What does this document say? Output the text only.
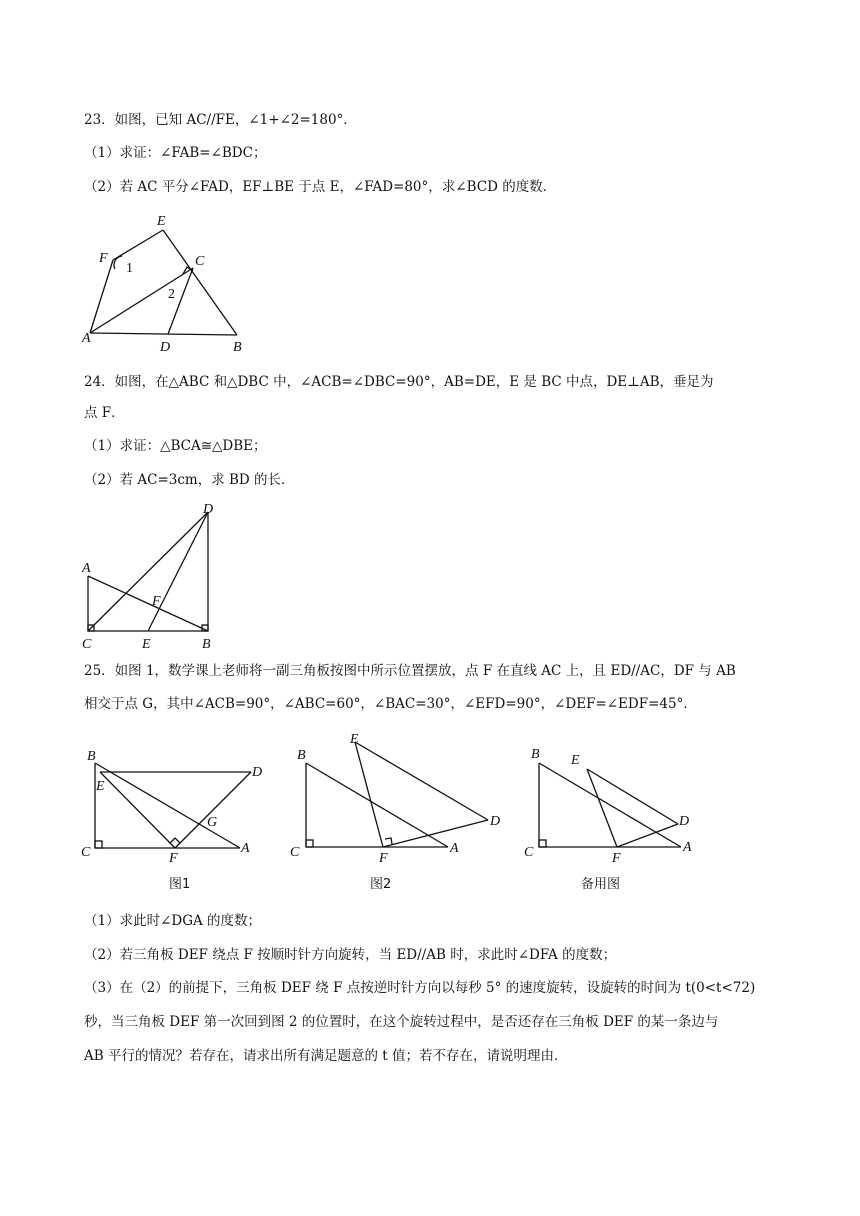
23．如图，已知 AC//FE，∠1+∠2=180°．
（1）求证：∠FAB=∠BDC；
（2）若 AC 平分∠FAD，EF⊥BE 于点 E，∠FAD=80°，求∠BCD 的度数．
E
F
1	C
2
A
D	B
24．如图，在△ABC 和△DBC 中，∠ACB=∠DBC=90°，AB=DE，E 是 BC 中点，DE⊥AB，垂足为
点 F．
（1）求证：△BCA≅△DBE；
（2）若 AC=3cm，求 BD 的长．
D
A
F
C	E	B
25．如图 1，数学课上老师将一副三角板按图中所示位置摆放，点 F 在直线 AC 上，且 ED//AC，DF 与 AB
相交于点 G，其中∠ACB=90°，∠ABC=60°，∠BAC=30°，∠EFD=90°，∠DEF=∠EDF=45°．
B
E
D
G
C	F
A
图1
B
E
D
C	F
A
图2
B E
D
C	F
A
备用图
（1）求此时∠DGA 的度数；
（2）若三角板 DEF 绕点 F 按顺时针方向旋转，当 ED//AB 时，求此时∠DFA 的度数；
（3）在（2）的前提下，三角板 DEF 绕 F 点按逆时针方向以每秒 5° 的速度旋转，设旋转的时间为 t(0<t<72)
秒，当三角板 DEF 第一次回到图 2 的位置时，在这个旋转过程中，是否还存在三角板 DEF 的某一条边与
AB 平行的情况？若存在，请求出所有满足题意的 t 值；若不存在，请说明理由．
